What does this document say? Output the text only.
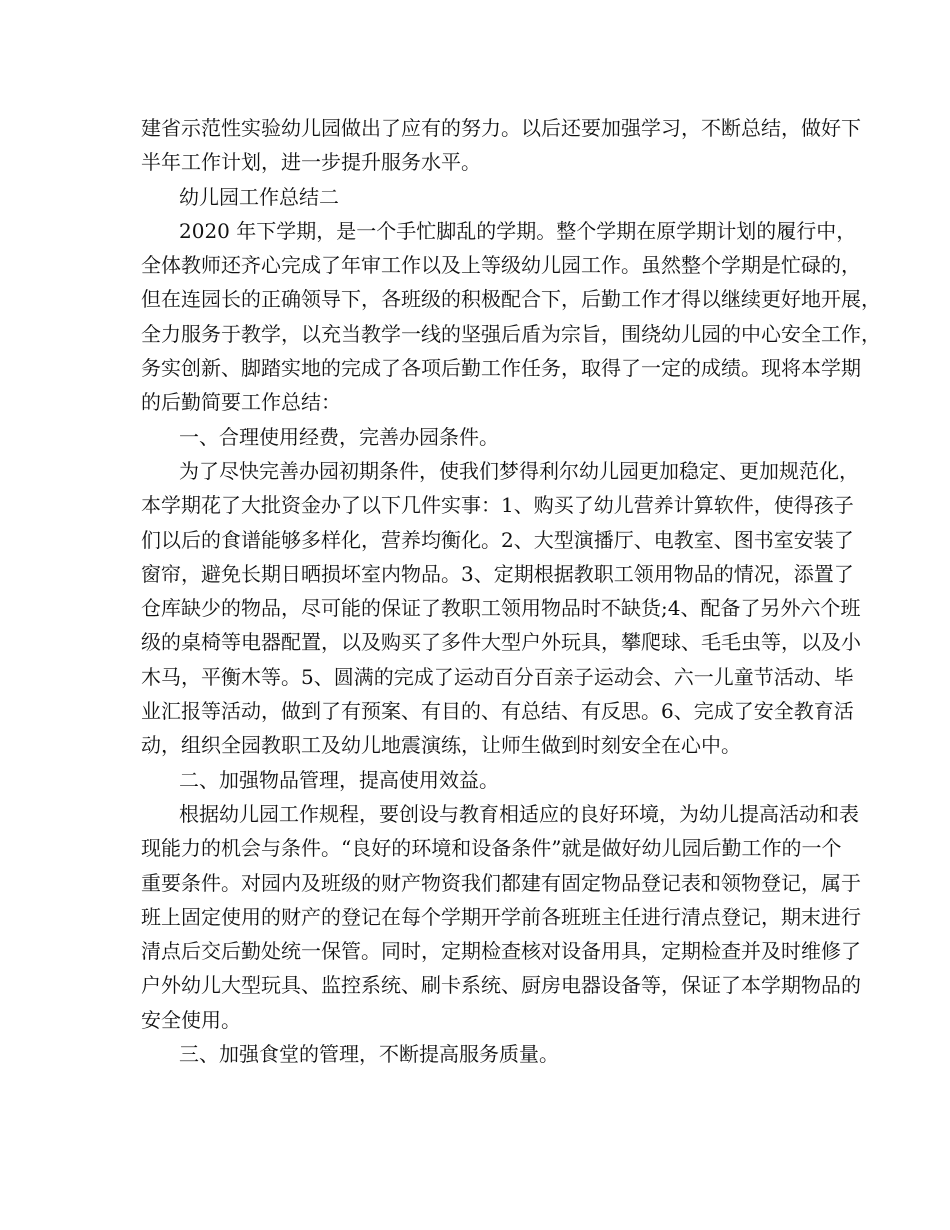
建省示范性实验幼儿园做出了应有的努力。以后还要加强学习，不断总结，做好下
半年工作计划，进一步提升服务水平。
幼儿园工作总结二
2020 年下学期，是一个手忙脚乱的学期。整个学期在原学期计划的履行中，
全体教师还齐心完成了年审工作以及上等级幼儿园工作。虽然整个学期是忙碌的，
但在连园长的正确领导下，各班级的积极配合下，后勤工作才得以继续更好地开展，
全力服务于教学，以充当教学一线的坚强后盾为宗旨，围绕幼儿园的中心安全工作，
务实创新、脚踏实地的完成了各项后勤工作任务，取得了一定的成绩。现将本学期
的后勤简要工作总结：
一、合理使用经费，完善办园条件。
为了尽快完善办园初期条件，使我们梦得利尔幼儿园更加稳定、更加规范化，
本学期花了大批资金办了以下几件实事：1、购买了幼儿营养计算软件，使得孩子
们以后的食谱能够多样化，营养均衡化。2、大型演播厅、电教室、图书室安装了
窗帘，避免长期日晒损坏室内物品。3、定期根据教职工领用物品的情况，添置了
仓库缺少的物品，尽可能的保证了教职工领用物品时不缺货;4、配备了另外六个班
级的桌椅等电器配置，以及购买了多件大型户外玩具，攀爬球、毛毛虫等，以及小
木马，平衡木等。5、圆满的完成了运动百分百亲子运动会、六一儿童节活动、毕
业汇报等活动，做到了有预案、有目的、有总结、有反思。6、完成了安全教育活
动，组织全园教职工及幼儿地震演练，让师生做到时刻安全在心中。
二、加强物品管理，提高使用效益。
根据幼儿园工作规程，要创设与教育相适应的良好环境，为幼儿提高活动和表
现能力的机会与条件。“良好的环境和设备条件”就是做好幼儿园后勤工作的一个
重要条件。对园内及班级的财产物资我们都建有固定物品登记表和领物登记，属于
班上固定使用的财产的登记在每个学期开学前各班班主任进行清点登记，期末进行
清点后交后勤处统一保管。同时，定期检查核对设备用具，定期检查并及时维修了
户外幼儿大型玩具、监控系统、刷卡系统、厨房电器设备等，保证了本学期物品的
安全使用。
三、加强食堂的管理，不断提高服务质量。
